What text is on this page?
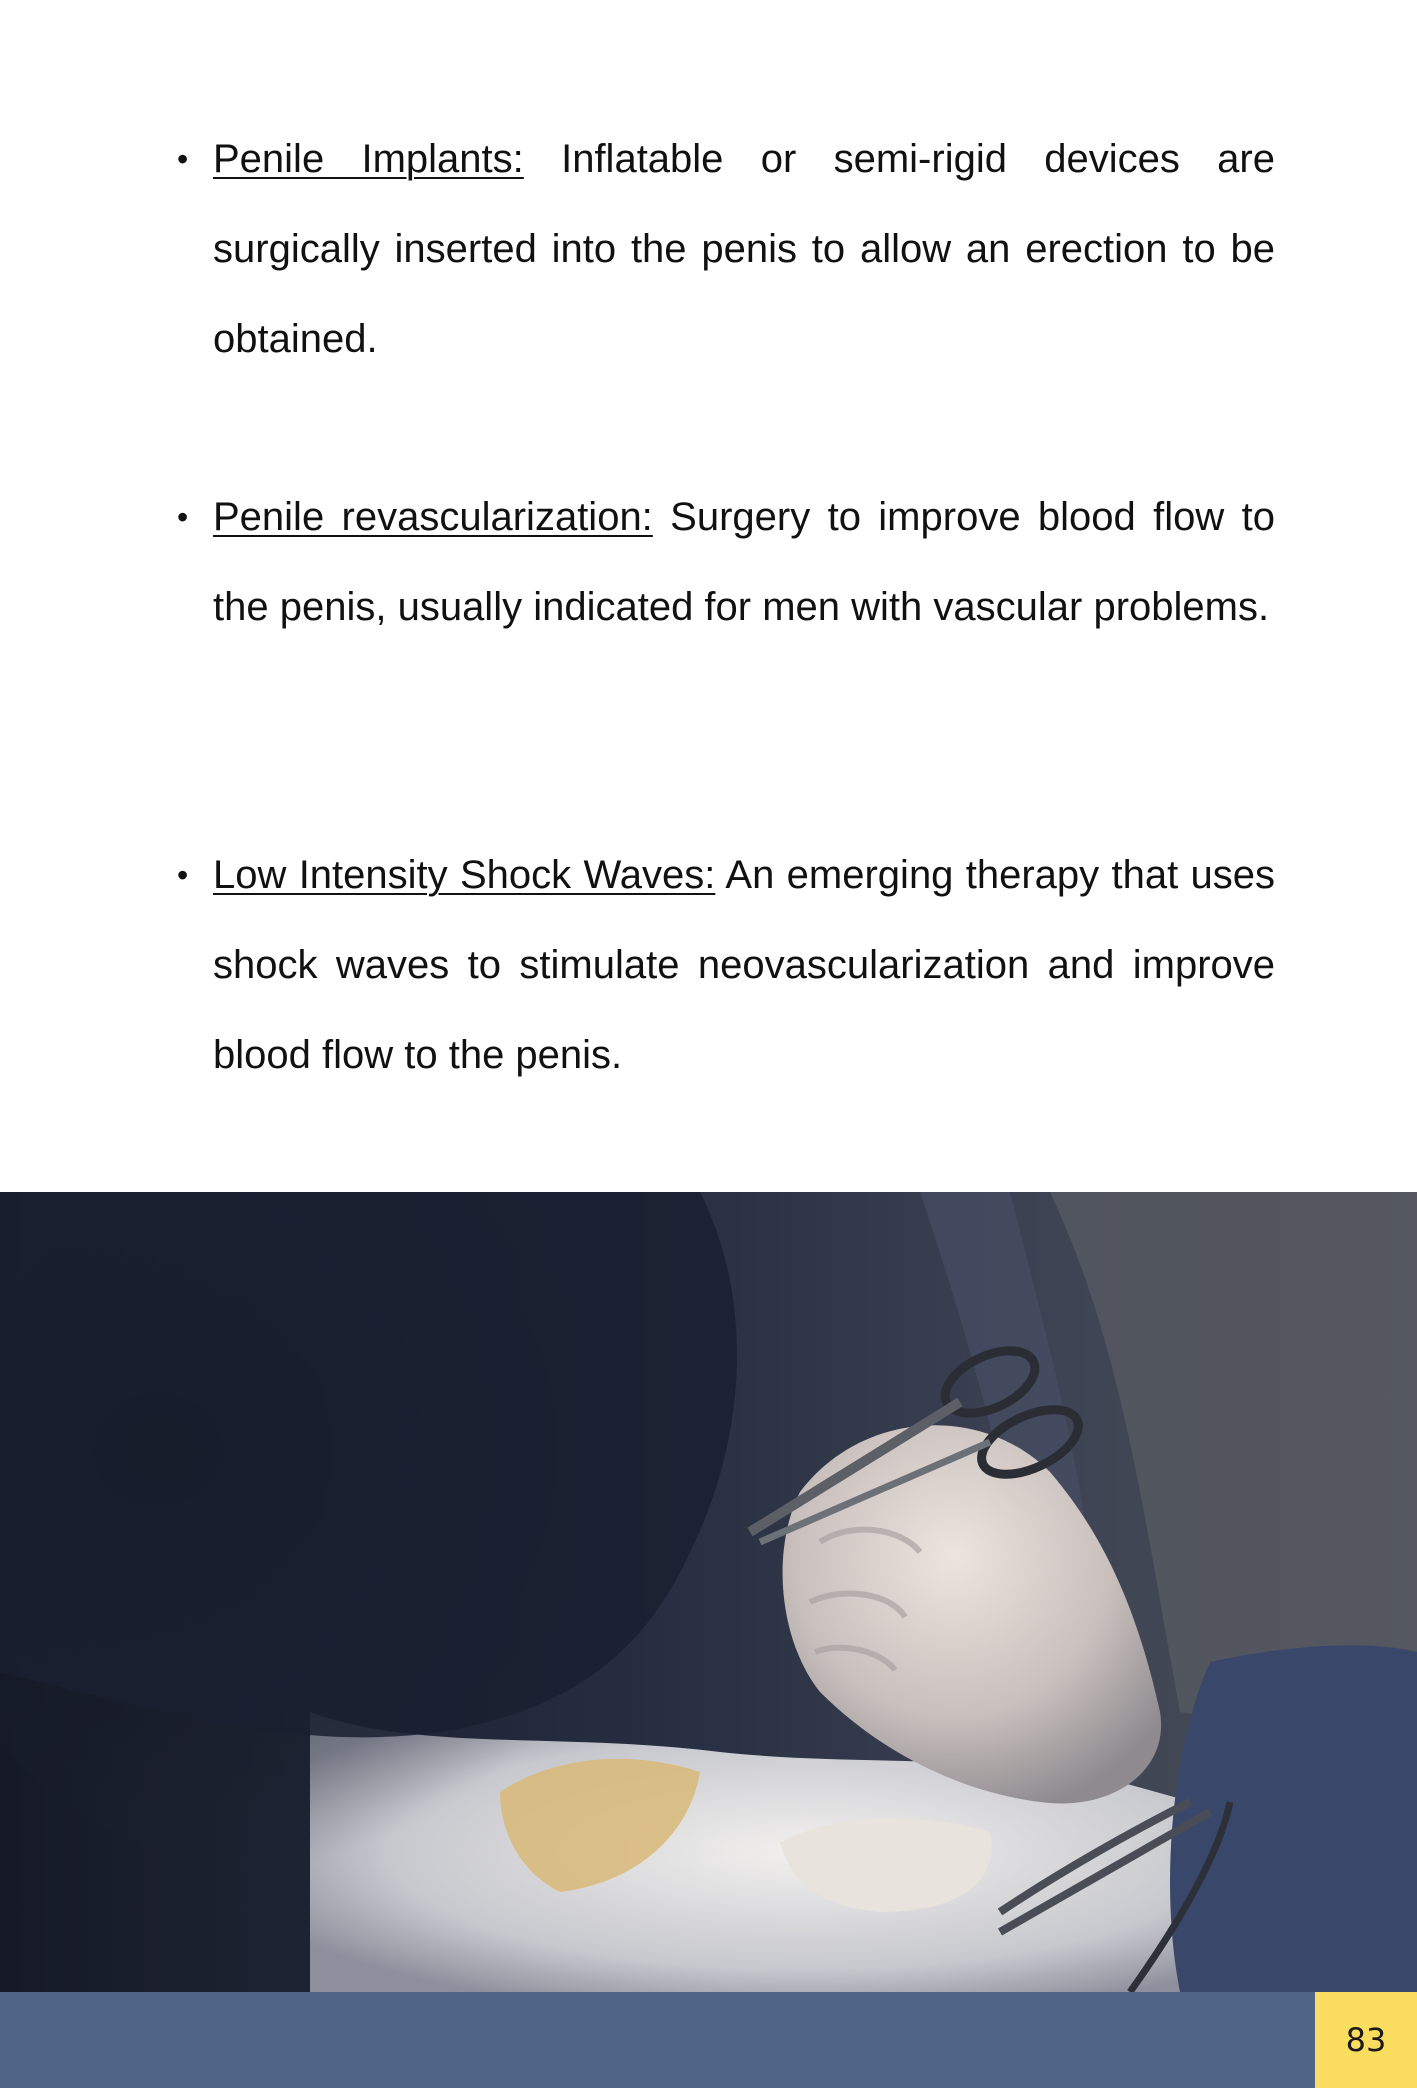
• Penile Implants: Inflatable or semi-rigid devices are surgically inserted into the penis to allow an erection to be obtained.
• Penile revascularization: Surgery to improve blood flow to the penis, usually indicated for men with vascular problems.
• Low Intensity Shock Waves: An emerging therapy that uses shock waves to stimulate neovascularization and improve blood flow to the penis.
83
